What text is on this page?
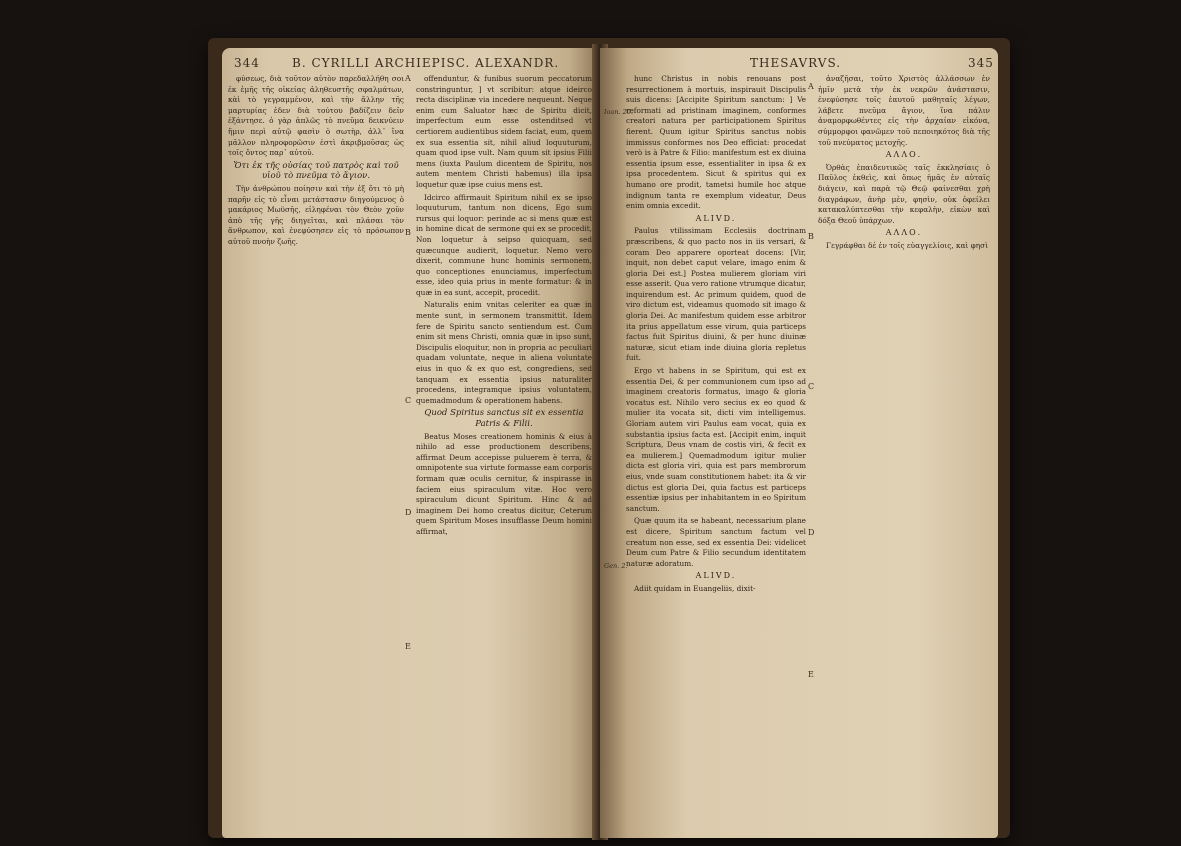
344	B. CYRILLI ARCHIEPISC. ALEXANDR.

φύσεως, διὰ τοῦτον αὐτὸν παρεδαλλήθη σοι ἐκ ἐμῆς τῆς οἰκείας ἀληθευστῆς σφαλμάτων, κὰὶ τὸ γεγραμμένον, καὶ τὴν ἄλλην τῆς μαρτυρίας ἐδεν διὰ τούτου βαδίζειν δεῖν ἐξάντησε. ὁ γὰρ ἀπλῶς τὸ πνεῦμα δεικνύειν ἥμιν περὶ αὐτῷ φασὶν ὁ σωτὴρ, ἀλλ᾽ ἵνα μᾶλλον πληροφορῶσιν ἐστὶ ἀκριβμοῦσας ὡς τοῖς ὄντος παρ᾽ αὐτοῦ.

Ὅτι ἐκ τῆς οὐσίας τοῦ πατρὸς καὶ τοῦ υἱοῦ τὸ πνεῦμα τὸ ἅγιον.

Τὴν ἀνθρώπου ποίησιν καὶ τὴν ἐξ ὅτι τὸ μὴ παρῆν εἰς τὸ εἶναι μετάστασιν διηγούμενος ὁ μακάριος Μωϋσῆς, εἰληφέναι τὸν Θεὸν χοῦν ἀπὸ τῆς γῆς διηγεῖται, καὶ πλάσαι τὸν ἄνθρωπον, καὶ ἐνεφύσησεν εἰς τὸ πρόσωπον αὐτοῦ πνοὴν ζωῆς.

A
B
C
D
E

offenduntur, & funibus suorum peccatorum constringuntur, ] vt scribitur: atque ideirco recta disciplinæ via incedere nequeunt. Neque enim cum Saluator hæc de Spiritu dicit, imperfectum eum esse ostenditsed vt certiorem audientibus sidem faciat, eum, quem ex sua essentia sit, nihil aliud loquuturum, quam quod ipse vult. Nam quum sit ipsius Filii mens (iuxta Paulum dicentem de Spiritu, nos autem mentem Christi habemus) illa ipsa loquetur quæ ipse cuius mens est.

Idcirco affirmauit Spiritum nihil ex se ipso loquuturum, tantum non dicens, Ego sum rursus qui loquor: perinde ac si mens quæ est in homine dicat de sermone qui ex se procedit, Non loquetur à seipso quicquam, sed quæcunque audierit, loquetur. Nemo vero dixerit, commune hunc hominis sermonem, quo conceptiones enunciamus, imperfectum esse, ideo quia prius in mente formatur: & in quæ in ea sunt, accepit, procedit.

Naturalis enim vnitas celeriter ea quæ in mente sunt, in sermonem transmittit. Idem fere de Spiritu sancto sentiendum est. Cum enim sit mens Christi, omnia quæ in ipso sunt, Discipulis eloquitur, non in propria ac peculiari quadam voluntate, neque in aliena voluntate eius in quo & ex quo est, congrediens, sed tanquam ex essentia ipsius naturaliter procedens, integramque ipsius voluntatem, quemadmodum & operationem habens.

Quod Spiritus sanctus sit ex essentia Patris & Filii.

Beatus Moses creationem hominis & eius à nihilo ad esse productionem describens, affirmat Deum accepisse puluerem è terra, & omnipotente sua virtute formasse eam corporis formam quæ oculis cernitur, & inspirasse in faciem eius spiraculum vitæ. Hoc vero spiraculum dicunt Spiritum. Hinc & ad imaginem Dei homo creatus dicitur, Ceterum quem Spiritum Moses insufflasse Deum homini affirmat,

THESAVRVS.	345
Ioan. 20.
Gen. 2.

hunc Christus in nobis renouans post resurrectionem à mortuis, inspirauit Discipulis suis dicens: [Accipite Spiritum sanctum: ] Ve reformati ad pristinam imaginem, conformes creatori natura per participationem Spiritus fierent. Quum igitur Spiritus sanctus nobis immissus conformes nos Deo efficiat: procedat verò is à Patre & Filio: manifestum est ex diuina essentia ipsum esse, essentialiter in ipsa & ex ipsa procedentem. Sicut & spiritus qui ex humano ore prodit, tametsi humile hoc atque indignum tanta re exemplum videatur, Deus enim omnia excedit.

ALIVD.

Paulus vtilissimam Ecclesiis doctrinam præscribens, & quo pacto nos in iis versari, & coram Deo apparere oporteat docens: [Vir, inquit, non debet caput velare, imago enim & gloria Dei est.] Postea mulierem gloriam viri esse asserit. Qua vero ratione vtrumque dicatur, inquirendum est. Ac primum quidem, quod de viro dictum est, videamus quomodo sit imago & gloria Dei. Ac manifestum quidem esse arbitror ita prius appellatum esse virum, quia particeps factus fuit Spiritus diuini, & per hunc diuinæ naturæ, sicut etiam inde diuina gloria repletus fuit.

Ergo vt habens in se Spiritum, qui est ex essentia Dei, & per communionem cum ipso ad imaginem creatoris formatus, imago & gloria vocatus est. Nihilo vero secius ex eo quod & mulier ita vocata sit, dicti vim intelligemus. Gloriam autem viri Paulus eam vocat, quia ex substantia ipsius facta est. [Accipit enim, inquit Scriptura, Deus vnam de costis viri, & fecit ex ea mulierem.] Quemadmodum igitur mulier dicta est gloria viri, quia est pars membrorum eius, vnde suam constitutionem habet: ita & vir dictus est gloria Dei, quia factus est particeps essentiæ ipsius per inhabitantem in eo Spiritum sanctum.

Quæ quum ita se habeant, necessarium plane est dicere, Spiritum sanctum factum vel creatum non esse, sed ex essentia Dei: videlicet Deum cum Patre & Filio secundum identitatem naturæ adoratum.

ALIVD.

Adiit quidam in Euangeliis, dixit-

A
B
C
D
E

ἀναζῆσαι, τοῦτο Χριστὸς ἀλλάσσων ἐν ἡμῖν μετὰ τὴν ἐκ νεκρῶν ἀνάστασιν, ἐνεφύσησε τοῖς ἑαυτοῦ μαθηταῖς λέγων, λάβετε πνεῦμα ἅγιον, ἵνα πάλιν ἀναμορφωθέντες εἰς τὴν ἀρχαίαν εἰκόνα, σύμμορφοι φανῶμεν τοῦ πεποιηκότος διὰ τῆς τοῦ πνεύματος μετοχῆς.

ΑΛΛΟ.

Ὀρθὰς ἐπαιδευτικῶς ταῖς ἐκκλησίαις ὁ Παῦλος ἐκθεὶς, καὶ ὅπως ἡμᾶς ἐν αὐταῖς διάγειν, καὶ παρὰ τῷ Θεῷ φαίνεσθαι χρὴ διαγράφων, ἀνὴρ μὲν, φησὶν, οὐκ ὀφείλει κατακαλύπτεσθαι τὴν κεφαλὴν, εἰκὼν καὶ δόξα Θεοῦ ὑπάρχων.

ΑΛΛΟ.

Γεγράφθαι δέ ἐν τοῖς εὐαγγελίοις, καὶ φησὶ
